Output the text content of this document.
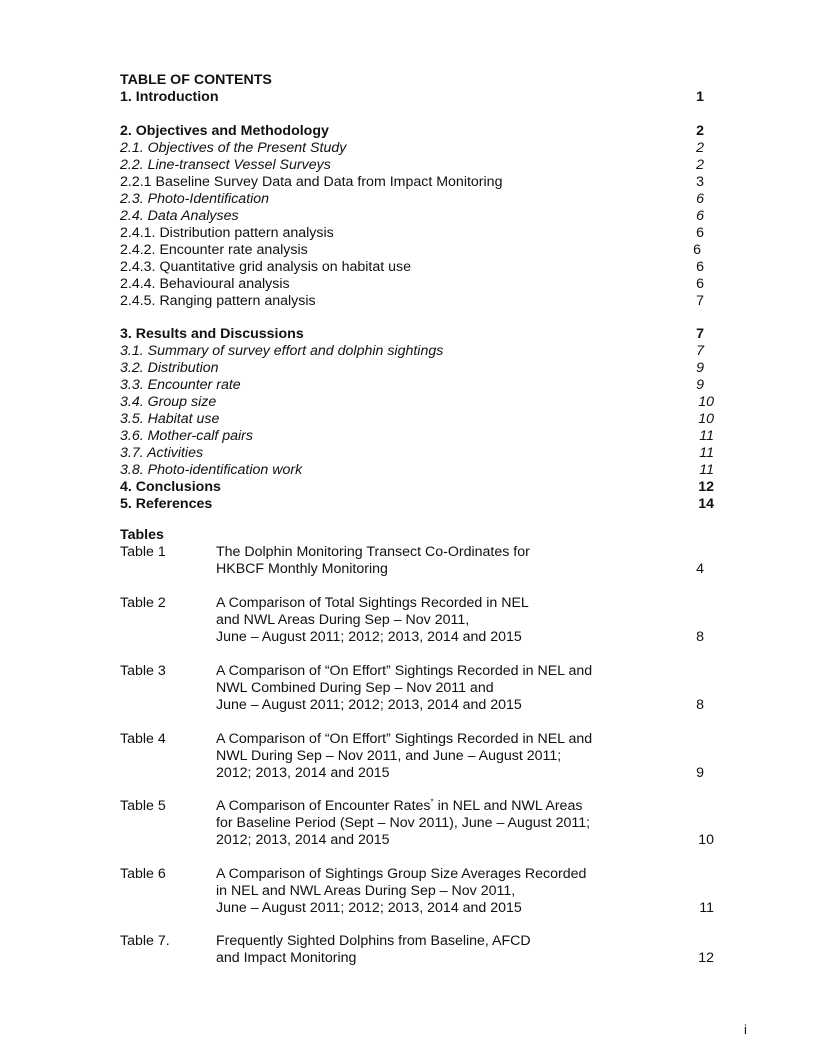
TABLE OF CONTENTS
1. Introduction	1
2. Objectives and Methodology	2
2.1. Objectives of the Present Study	2
2.2. Line-transect Vessel Surveys	2
2.2.1 Baseline Survey Data and Data from Impact Monitoring	3
2.3. Photo-Identification	6
2.4. Data Analyses	6
2.4.1. Distribution pattern analysis	6
2.4.2. Encounter rate analysis	6
2.4.3. Quantitative grid analysis on habitat use	6
2.4.4. Behavioural analysis	6
2.4.5. Ranging pattern analysis	7
3. Results and Discussions	7
3.1. Summary of survey effort and dolphin sightings	7
3.2. Distribution	9
3.3. Encounter rate	9
3.4. Group size	10
3.5. Habitat use	10
3.6. Mother-calf pairs	11
3.7. Activities	11
3.8. Photo-identification work	11
4. Conclusions	12
5. References	14
Tables
Table 1	The Dolphin Monitoring Transect Co-Ordinates for
HKBCF Monthly Monitoring	4
Table 2	A Comparison of Total Sightings Recorded in NEL
and NWL Areas During Sep – Nov 2011,
June – August 2011; 2012; 2013, 2014 and 2015	8
Table 3	A Comparison of “On Effort” Sightings Recorded in NEL and
NWL Combined During Sep – Nov 2011 and
June – August 2011; 2012; 2013, 2014 and 2015	8
Table 4	A Comparison of “On Effort” Sightings Recorded in NEL and
NWL During Sep – Nov 2011, and June – August 2011;
2012; 2013, 2014 and 2015	9
Table 5	A Comparison of Encounter Rates* in NEL and NWL Areas
for Baseline Period (Sept – Nov 2011), June – August 2011;
2012; 2013, 2014 and 2015	10
Table 6	A Comparison of Sightings Group Size Averages Recorded
in NEL and NWL Areas During Sep – Nov 2011,
June – August 2011; 2012; 2013, 2014 and 2015	11
Table 7.	Frequently Sighted Dolphins from Baseline, AFCD
and Impact Monitoring	12
i
